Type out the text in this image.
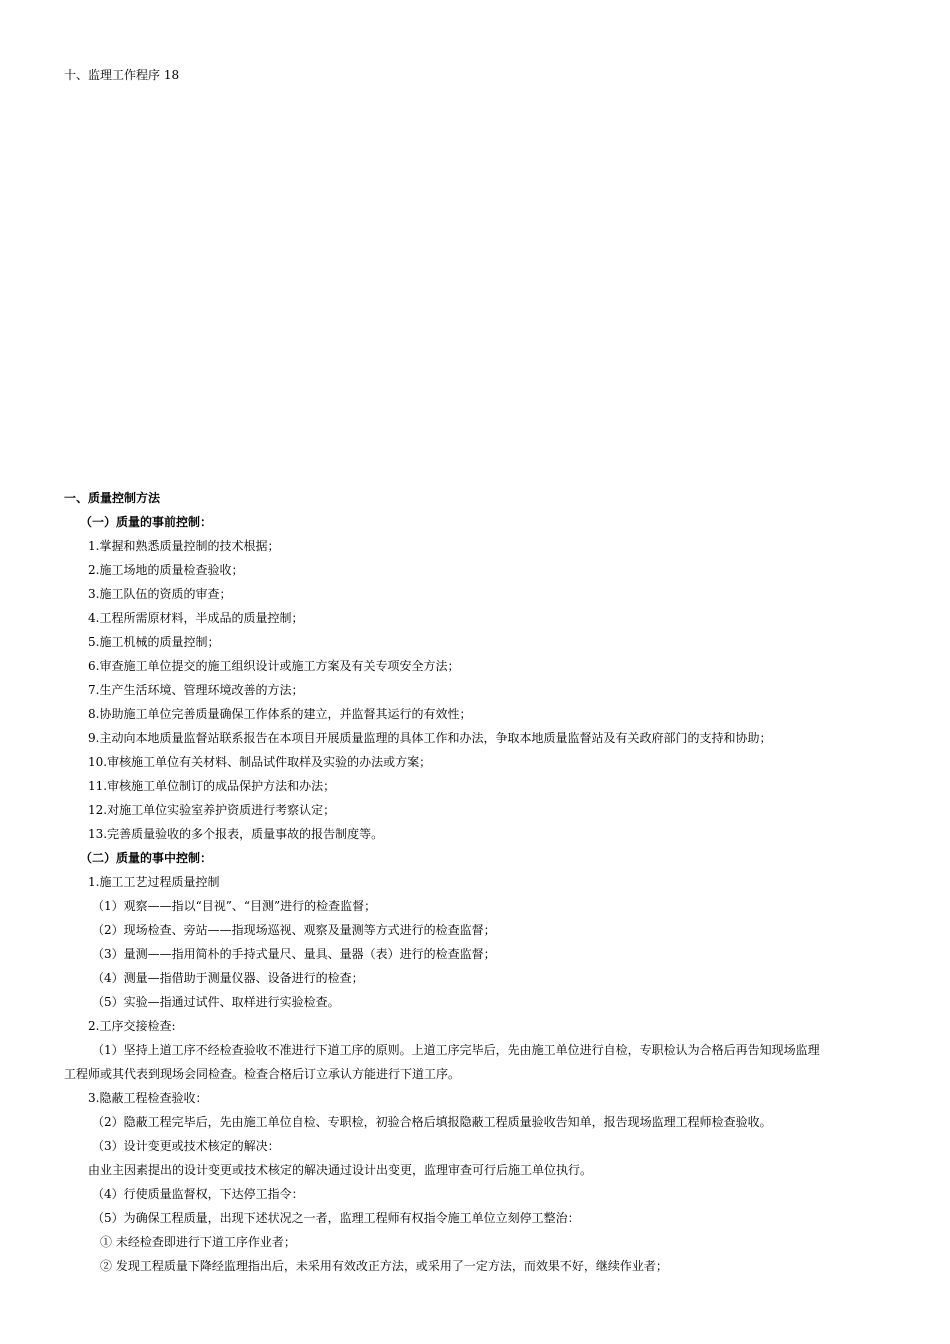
十、监理工作程序 18
一、质量控制方法
（一）质量的事前控制：
1.掌握和熟悉质量控制的技术根据；
2.施工场地的质量检查验收；
3.施工队伍的资质的审查；
4.工程所需原材料，半成品的质量控制；
5.施工机械的质量控制；
6.审查施工单位提交的施工组织设计或施工方案及有关专项安全方法；
7.生产生活环境、管理环境改善的方法；
8.协助施工单位完善质量确保工作体系的建立，并监督其运行的有效性；
9.主动向本地质量监督站联系报告在本项目开展质量监理的具体工作和办法，争取本地质量监督站及有关政府部门的支持和协助；
10.审核施工单位有关材料、制品试件取样及实验的办法或方案；
11.审核施工单位制订的成品保护方法和办法；
12.对施工单位实验室养护资质进行考察认定；
13.完善质量验收的多个报表，质量事故的报告制度等。
（二）质量的事中控制：
1.施工工艺过程质量控制
（1）观察——指以“目视”、“目测”进行的检查监督；
（2）现场检查、旁站——指现场巡视、观察及量测等方式进行的检查监督；
（3）量测——指用简朴的手持式量尺、量具、量器（表）进行的检查监督；
（4）测量—指借助于测量仪器、设备进行的检查；
（5）实验—指通过试件、取样进行实验检查。
2.工序交接检查:
（1）坚持上道工序不经检查验收不准进行下道工序的原则。上道工序完毕后，先由施工单位进行自检，专职检认为合格后再告知现场监理
工程师或其代表到现场会同检查。检查合格后订立承认方能进行下道工序。
3.隐蔽工程检查验收：
（2）隐蔽工程完毕后，先由施工单位自检、专职检，初验合格后填报隐蔽工程质量验收告知单，报告现场监理工程师检查验收。
（3）设计变更或技术核定的解决：
由业主因素提出的设计变更或技术核定的解决通过设计出变更，监理审查可行后施工单位执行。
（4）行使质量监督权，下达停工指令：
（5）为确保工程质量，出现下述状况之一者，监理工程师有权指令施工单位立刻停工整治：
① 未经检查即进行下道工序作业者；
② 发现工程质量下降经监理指出后，未采用有效改正方法，或采用了一定方法，而效果不好，继续作业者；
